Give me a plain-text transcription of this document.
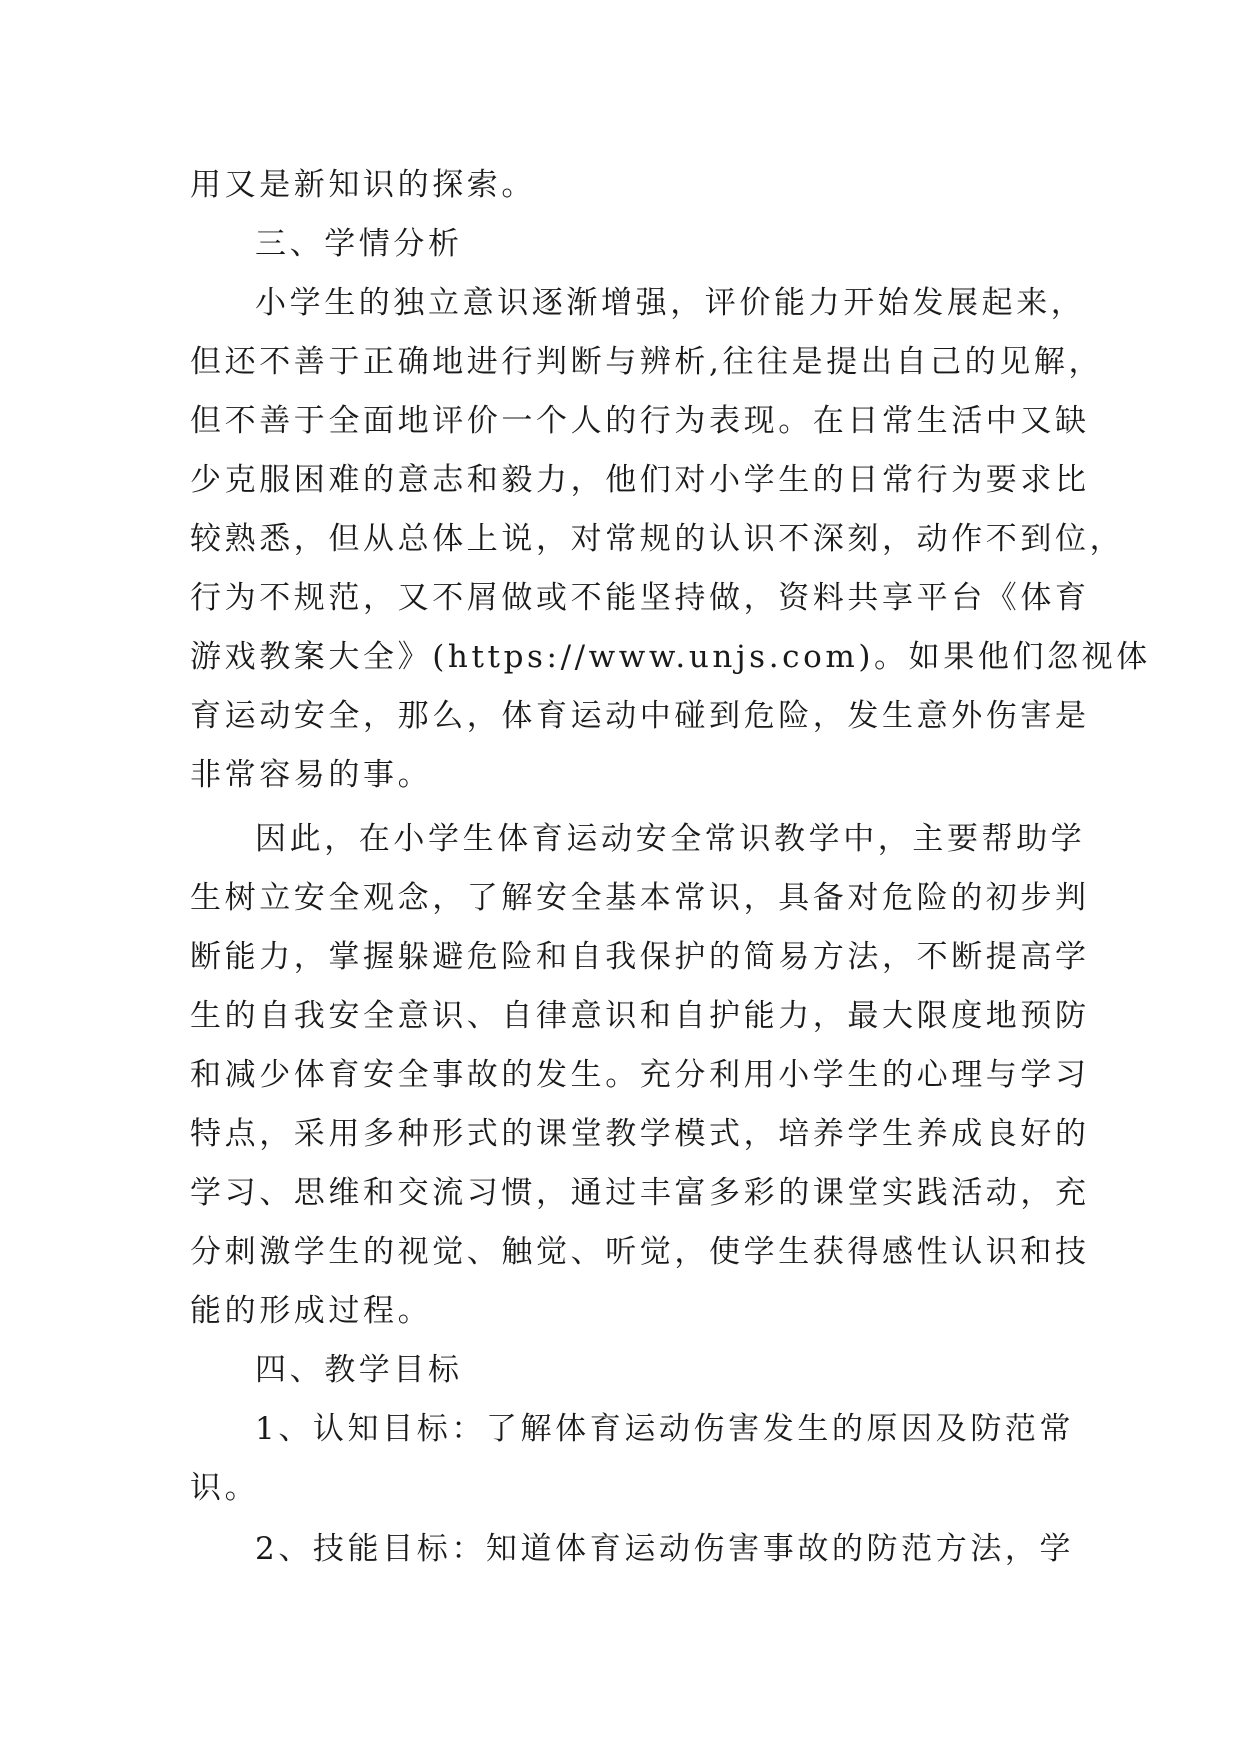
用又是新知识的探索。
三、学情分析
小学生的独立意识逐渐增强，评价能力开始发展起来，
但还不善于正确地进行判断与辨析,往往是提出自己的见解，
但不善于全面地评价一个人的行为表现。在日常生活中又缺
少克服困难的意志和毅力，他们对小学生的日常行为要求比
较熟悉，但从总体上说，对常规的认识不深刻，动作不到位，
行为不规范，又不屑做或不能坚持做，资料共享平台《体育
游戏教案大全》(https://www.unjs.com)。如果他们忽视体
育运动安全，那么，体育运动中碰到危险，发生意外伤害是
非常容易的事。
因此，在小学生体育运动安全常识教学中，主要帮助学
生树立安全观念，了解安全基本常识，具备对危险的初步判
断能力，掌握躲避危险和自我保护的简易方法，不断提高学
生的自我安全意识、自律意识和自护能力，最大限度地预防
和减少体育安全事故的发生。充分利用小学生的心理与学习
特点，采用多种形式的课堂教学模式，培养学生养成良好的
学习、思维和交流习惯，通过丰富多彩的课堂实践活动，充
分刺激学生的视觉、触觉、听觉，使学生获得感性认识和技
能的形成过程。
四、教学目标
1、认知目标：了解体育运动伤害发生的原因及防范常
识。
2、技能目标：知道体育运动伤害事故的防范方法，学
